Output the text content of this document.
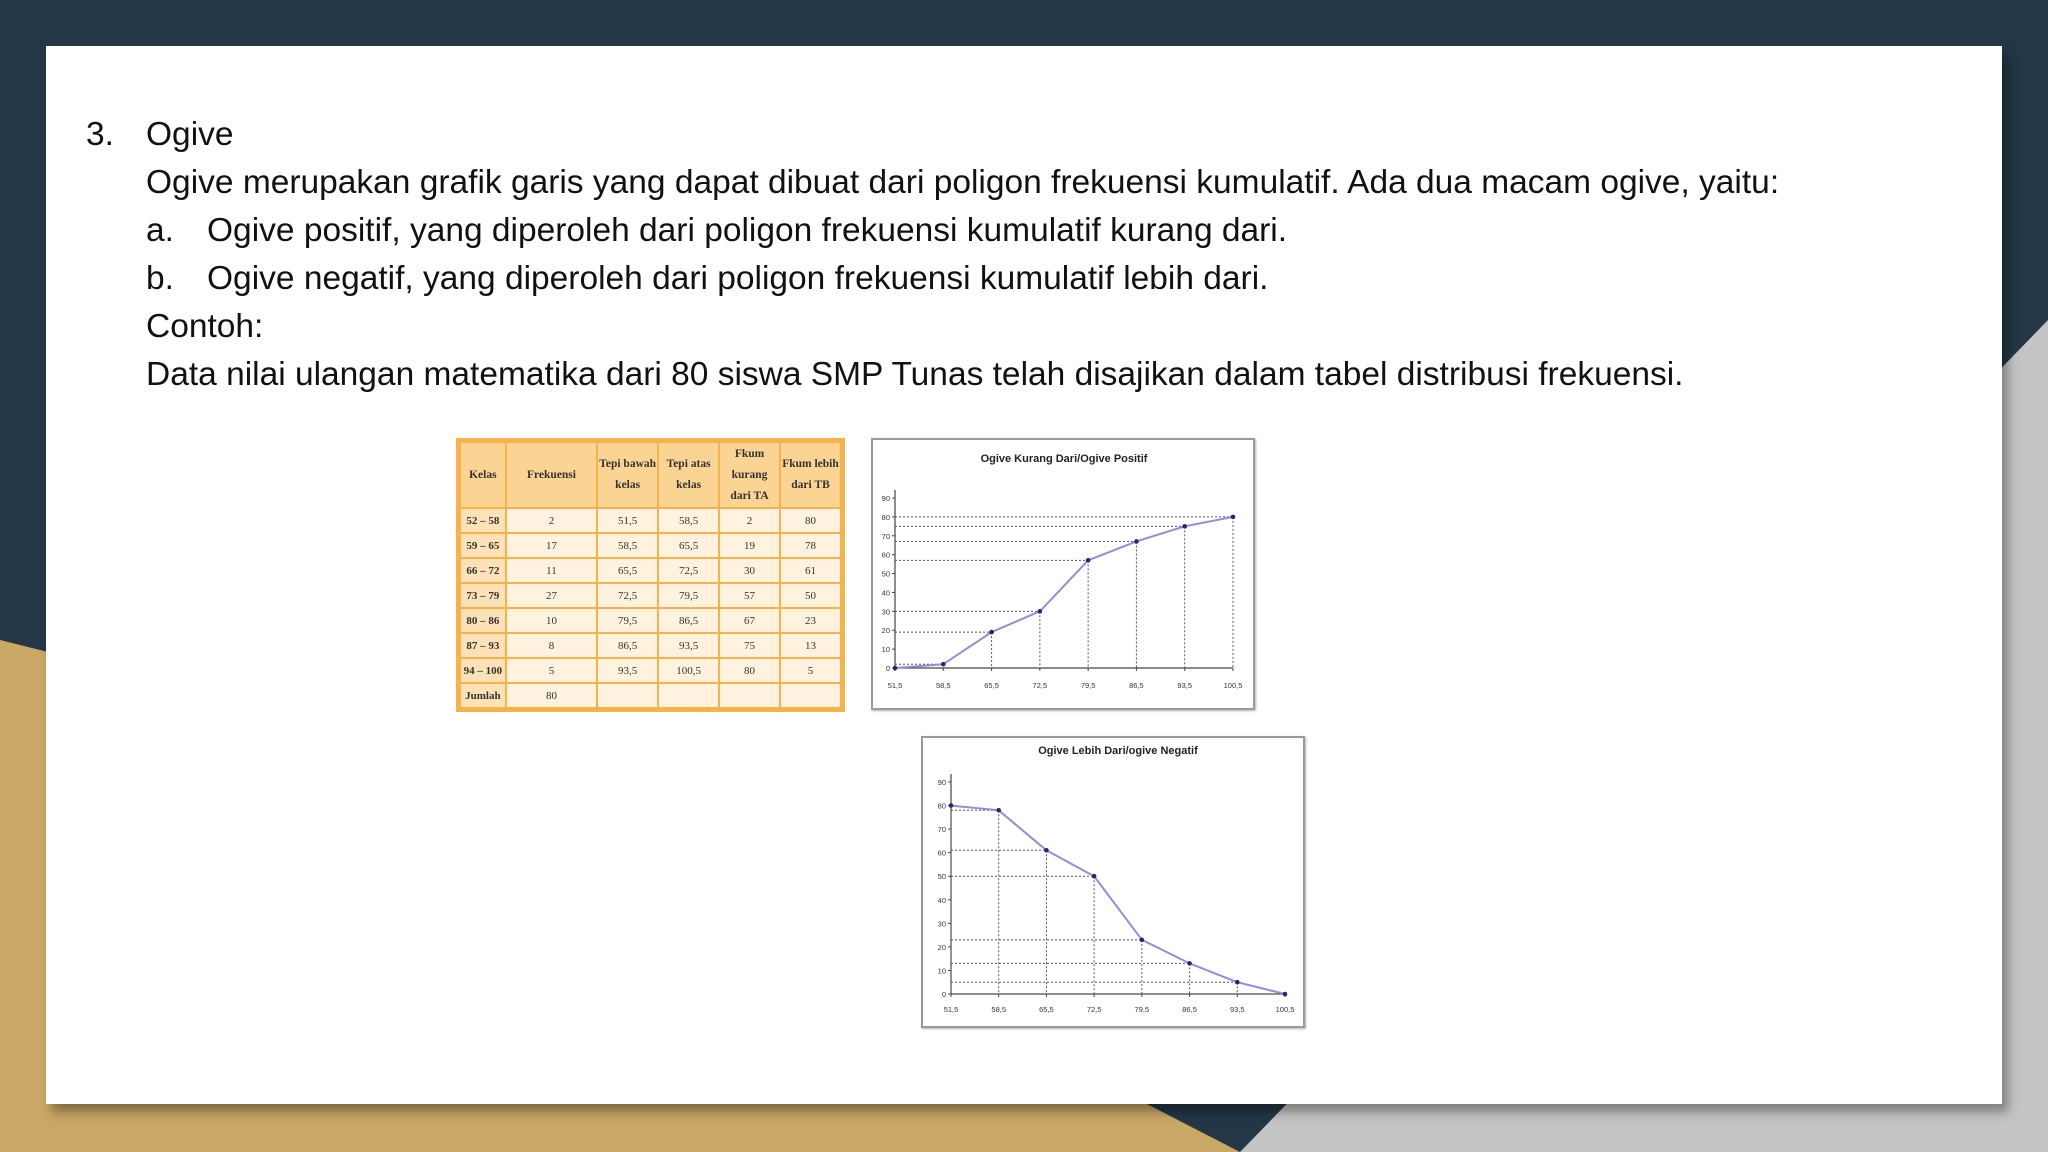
3. Ogive
Ogive merupakan grafik garis yang dapat dibuat dari poligon frekuensi kumulatif. Ada dua macam ogive, yaitu:
a. Ogive positif, yang diperoleh dari poligon frekuensi kumulatif kurang dari.
b. Ogive negatif, yang diperoleh dari poligon frekuensi kumulatif lebih dari.
Contoh:
Data nilai ulangan matematika dari 80 siswa SMP Tunas telah disajikan dalam tabel distribusi frekuensi.
Kelas	Frekuensi	Tepi bawah kelas	Tepi atas kelas	Fkum kurang dari TA	Fkum lebih dari TB
52 – 58	2	51,5	58,5	2	80
59 – 65	17	58,5	65,5	19	78
66 – 72	11	65,5	72,5	30	61
73 – 79	27	72,5	79,5	57	50
80 – 86	10	79,5	86,5	67	23
87 – 93	8	86,5	93,5	75	13
94 – 100	5	93,5	100,5	80	5
Jumlah	80				
Ogive Kurang Dari/Ogive Positif
0
10
20
30
40
50
60
70
80
90
51,5	58,5	65,5	72,5	79,5	86,5	93,5	100,5
Ogive Lebih Dari/ogive Negatif
0
10
20
30
40
50
60
70
80
90
51,5	58,5	65,5	72,5	79,5	86,5	93,5	100,5
